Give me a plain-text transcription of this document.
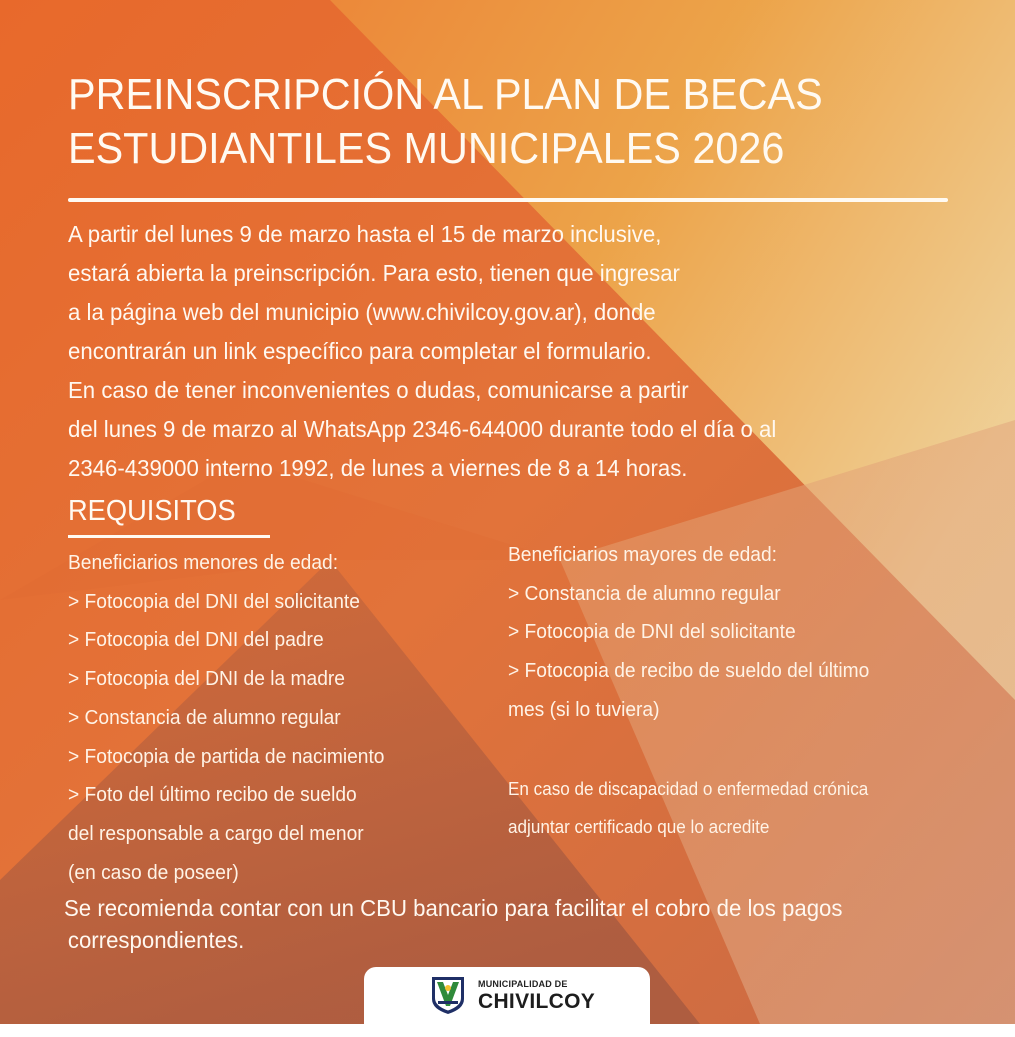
PREINSCRIPCIÓN AL PLAN DE BECAS
ESTUDIANTILES MUNICIPALES 2026

A partir del lunes 9 de marzo hasta el 15 de marzo inclusive,
estará abierta la preinscripción. Para esto, tienen que ingresar
a la página web del municipio (www.chivilcoy.gov.ar), donde
encontrarán un link específico para completar el formulario.

En caso de tener inconvenientes o dudas, comunicarse a partir
del lunes 9 de marzo al WhatsApp 2346-644000 durante todo el día o al
2346-439000 interno 1992, de lunes a viernes de 8 a 14 horas.

REQUISITOS
Beneficiarios menores de edad:
> Fotocopia del DNI del solicitante
> Fotocopia del DNI del padre
> Fotocopia del DNI de la madre
> Constancia de alumno regular
> Fotocopia de partida de nacimiento
> Foto del último recibo de sueldo
del responsable a cargo del menor
(en caso de poseer)
Beneficiarios mayores de edad:
> Constancia de alumno regular
> Fotocopia de DNI del solicitante
> Fotocopia de recibo de sueldo del último
mes (si lo tuviera)

En caso de discapacidad o enfermedad crónica
adjuntar certificado que lo acredite

Se recomienda contar con un CBU bancario para facilitar el cobro de los pagos
correspondientes.

MUNICIPALIDAD DE
CHIVILCOY
